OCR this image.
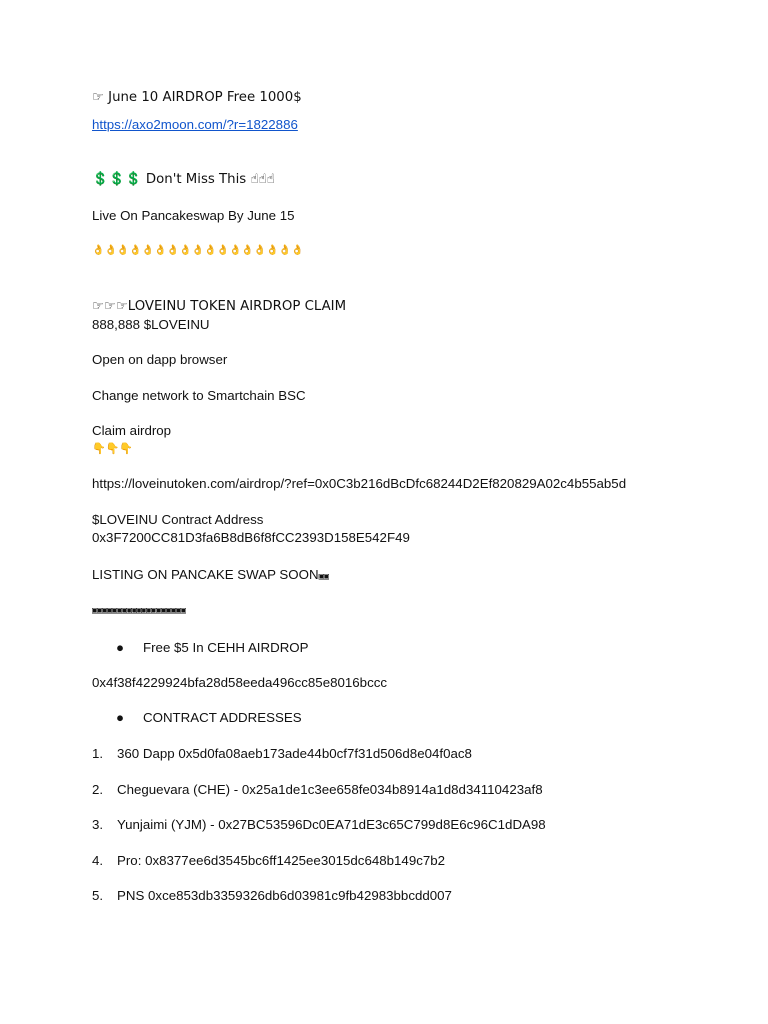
☞ June 10 AIRDROP Free 1000$
https://axo2moon.com/?r=1822886
💲💲💲 Don't Miss This ☝☝☝
Live On Pancakeswap By June 15
👌👌👌👌👌👌👌👌👌👌👌👌👌👌👌👌👌
☞☞☞LOVEINU TOKEN AIRDROP CLAIM
888,888 $LOVEINU
Open on dapp browser
Change network to Smartchain BSC
Claim airdrop
👇👇👇
https://loveinutoken.com/airdrop/?ref=0x0C3b216dBcDfc68244D2Ef820829A02c4b55ab5d
$LOVEINU Contract Address
0x3F7200CC81D3fa6B8dB6f8fCC2393D158E542F49
LISTING ON PANCAKE SWAP SOON▣▣
▣▣▣▣▣▣▣▣▣▣▣▣▣▣▣▣▣▣▣
● Free $5 In CEHH AIRDROP
0x4f38f4229924bfa28d58eeda496cc85e8016bccc
● CONTRACT ADDRESSES
1. 360 Dapp 0x5d0fa08aeb173ade44b0cf7f31d506d8e04f0ac8
2. Cheguevara (CHE) - 0x25a1de1c3ee658fe034b8914a1d8d34110423af8
3. Yunjaimi (YJM) - 0x27BC53596Dc0EA71dE3c65C799d8E6c96C1dDA98
4. Pro: 0x8377ee6d3545bc6ff1425ee3015dc648b149c7b2
5. PNS 0xce853db3359326db6d03981c9fb42983bbcdd007
